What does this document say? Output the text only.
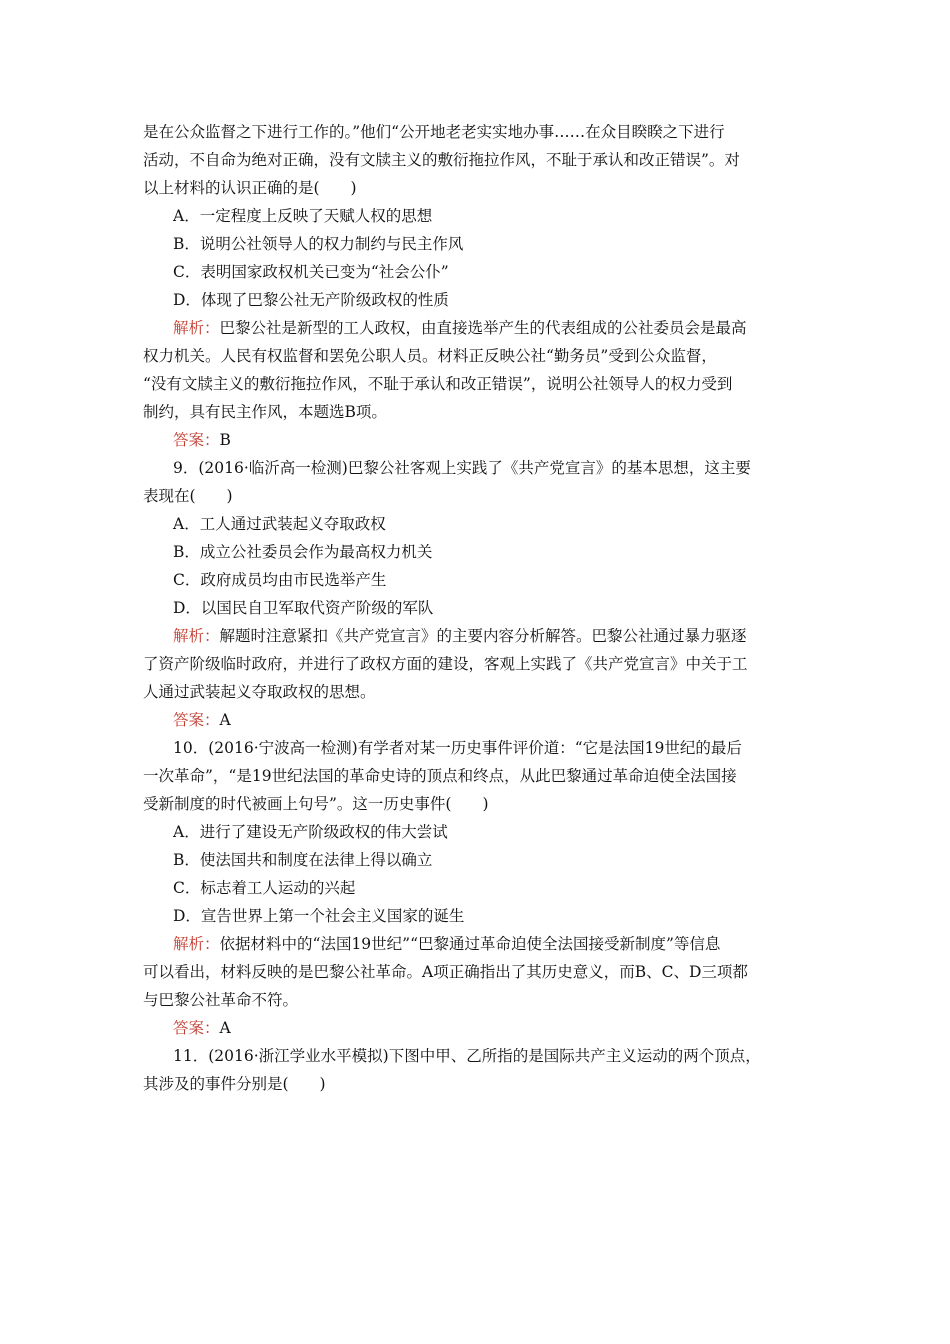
是在公众监督之下进行工作的。”他们“公开地老老实实地办事……在众目睽睽之下进行
活动，不自命为绝对正确，没有文牍主义的敷衍拖拉作风，不耻于承认和改正错误”。对
以上材料的认识正确的是(　　)
A．一定程度上反映了天赋人权的思想
B．说明公社领导人的权力制约与民主作风
C．表明国家政权机关已变为“社会公仆”
D．体现了巴黎公社无产阶级政权的性质
解析：巴黎公社是新型的工人政权，由直接选举产生的代表组成的公社委员会是最高
权力机关。人民有权监督和罢免公职人员。材料正反映公社“勤务员”受到公众监督，
“没有文牍主义的敷衍拖拉作风，不耻于承认和改正错误”，说明公社领导人的权力受到
制约，具有民主作风，本题选B项。
答案：B
9．(2016·临沂高一检测)巴黎公社客观上实践了《共产党宣言》的基本思想，这主要
表现在(　　)
A．工人通过武装起义夺取政权
B．成立公社委员会作为最高权力机关
C．政府成员均由市民选举产生
D．以国民自卫军取代资产阶级的军队
解析：解题时注意紧扣《共产党宣言》的主要内容分析解答。巴黎公社通过暴力驱逐
了资产阶级临时政府，并进行了政权方面的建设，客观上实践了《共产党宣言》中关于工
人通过武装起义夺取政权的思想。
答案：A
10．(2016·宁波高一检测)有学者对某一历史事件评价道：“它是法国19世纪的最后
一次革命”，“是19世纪法国的革命史诗的顶点和终点，从此巴黎通过革命迫使全法国接
受新制度的时代被画上句号”。这一历史事件(　　)
A．进行了建设无产阶级政权的伟大尝试
B．使法国共和制度在法律上得以确立
C．标志着工人运动的兴起
D．宣告世界上第一个社会主义国家的诞生
解析：依据材料中的“法国19世纪”“巴黎通过革命迫使全法国接受新制度”等信息
可以看出，材料反映的是巴黎公社革命。A项正确指出了其历史意义，而B、C、D三项都
与巴黎公社革命不符。
答案：A
11．(2016·浙江学业水平模拟)下图中甲、乙所指的是国际共产主义运动的两个顶点，
其涉及的事件分别是(　　)
